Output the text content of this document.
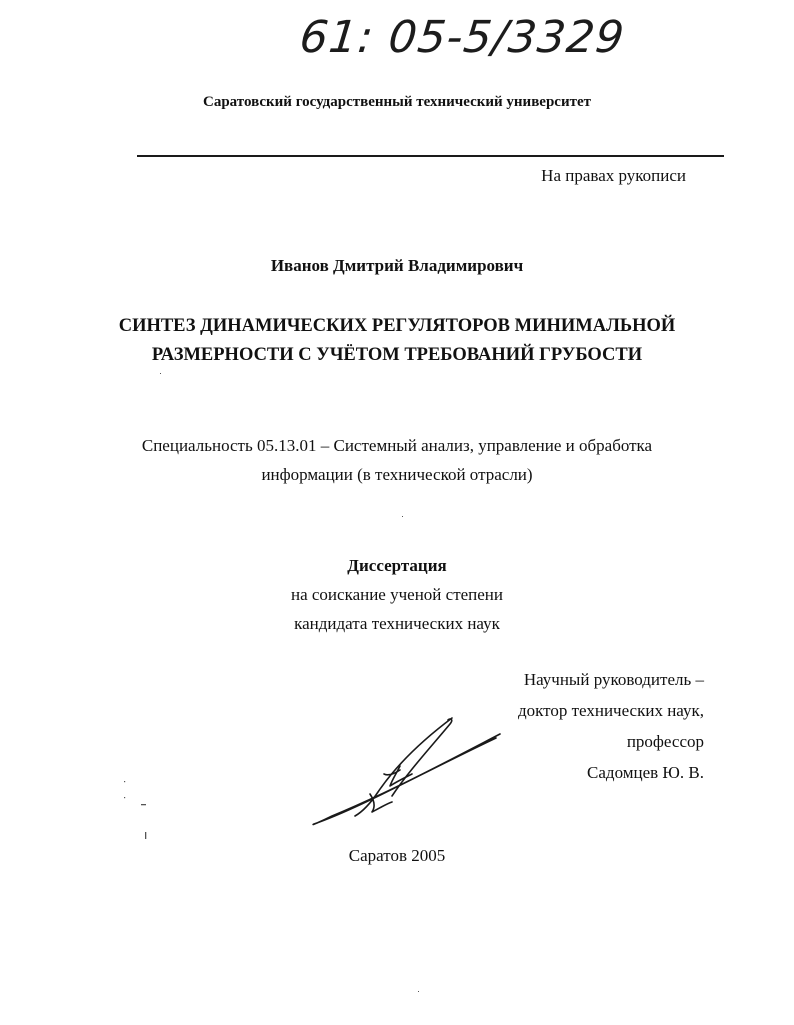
61: 05-5/3329
Саратовский государственный технический университет
На правах рукописи
Иванов Дмитрий Владимирович
СИНТЕЗ ДИНАМИЧЕСКИХ РЕГУЛЯТОРОВ МИНИМАЛЬНОЙ
РАЗМЕРНОСТИ С УЧЁТОМ ТРЕБОВАНИЙ ГРУБОСТИ
Специальность 05.13.01 – Системный анализ, управление и обработка
информации (в технической отрасли)
Диссертация
на соискание ученой степени
кандидата технических наук
Научный руководитель –
доктор технических наук,
профессор
Садомцев Ю. В.
Саратов 2005
